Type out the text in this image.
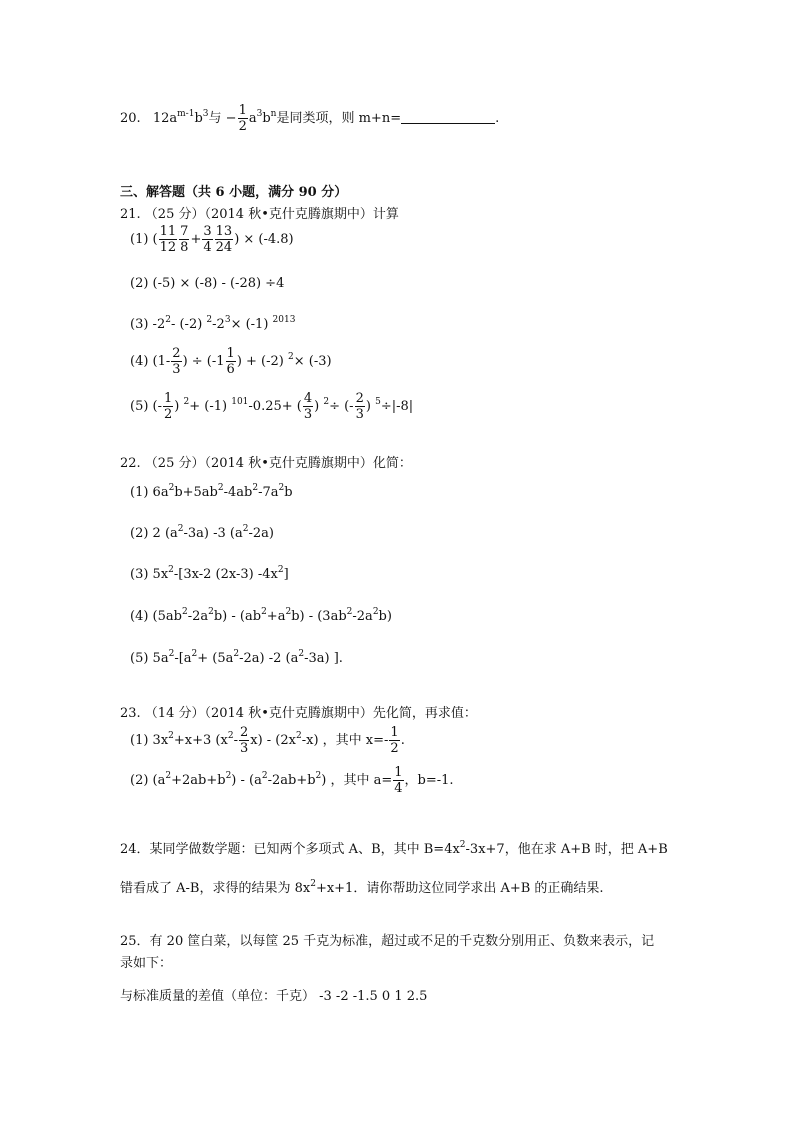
20. $12a^{m-1}b^3$与 − $\frac{1}{2} a^3b^n$是同类项，则 m+n=	.
三、解答题（共 6 小题，满分 90 分）
21. （25 分）（2014 秋•克什克腾旗期中）计算
(1) ( $\frac{11}{12} \frac{7}{8} + \frac{3}{4} \frac{13}{24}$ ) × (-4.8)
(2) (-5) × (-8) - (-28) ÷4
(3) $-2^2-$ (-2) $^2-2^3\times (-1)$ $^{2013}$
(4) ($1- \frac{2}{3}$ ) ÷ ($-1 \frac{1}{6}$ ) + (-2) $^2$× (-3)
(5) (- $\frac{1}{2}$ ) $^2$+ (-1) $^{101}$-0.25+ ( $\frac{4}{3}$ ) $^2$÷ (- $\frac{2}{3}$ ) $^5$÷|-8|
22. （25 分）（2014 秋•克什克腾旗期中）化简：
(1) $6a^2b+5ab^2-4ab^2-7a^2b$
(2) 2 $(a^2-3a)$ -3 $(a^2-2a)$
(3) $5x^2-[3x-2$ (2x-3) $-4x^2$]
(4) $(5ab^2-2a^2b) - (ab^2+a^2b) - (3ab^2-2a^2b)$
(5) $5a^2-[a^2+ (5a^2-2a)$ -2 $(a^2-3a)$ ].
23. （14 分）（2014 秋•克什克腾旗期中）先化简，再求值：
(1) $3x^2+x+3$ $(x^2- \frac{2}{3} x) - (2x^2-x)$ ，其中 $x=- \frac{1}{2}$ .
(2) $(a^2+2ab+b^2) - (a^2-2ab+b^2)$ ，其中 $a= \frac{1}{4}$ ，b=-1.
24．某同学做数学题：已知两个多项式 A、B，其中 $B=4x^2-3x+7$，他在求 A+B 时，把 A+B
错看成了 A-B，求得的结果为 $8x^2+x+1$．请你帮助这位同学求出 A+B 的正确结果.
25．有 20 筐白菜，以每筐 25 千克为标准，超过或不足的千克数分别用正、负数来表示，记
录如下：
与标准质量的差值（单位：千克） -3 -2 -1.5 0 1 2.5
